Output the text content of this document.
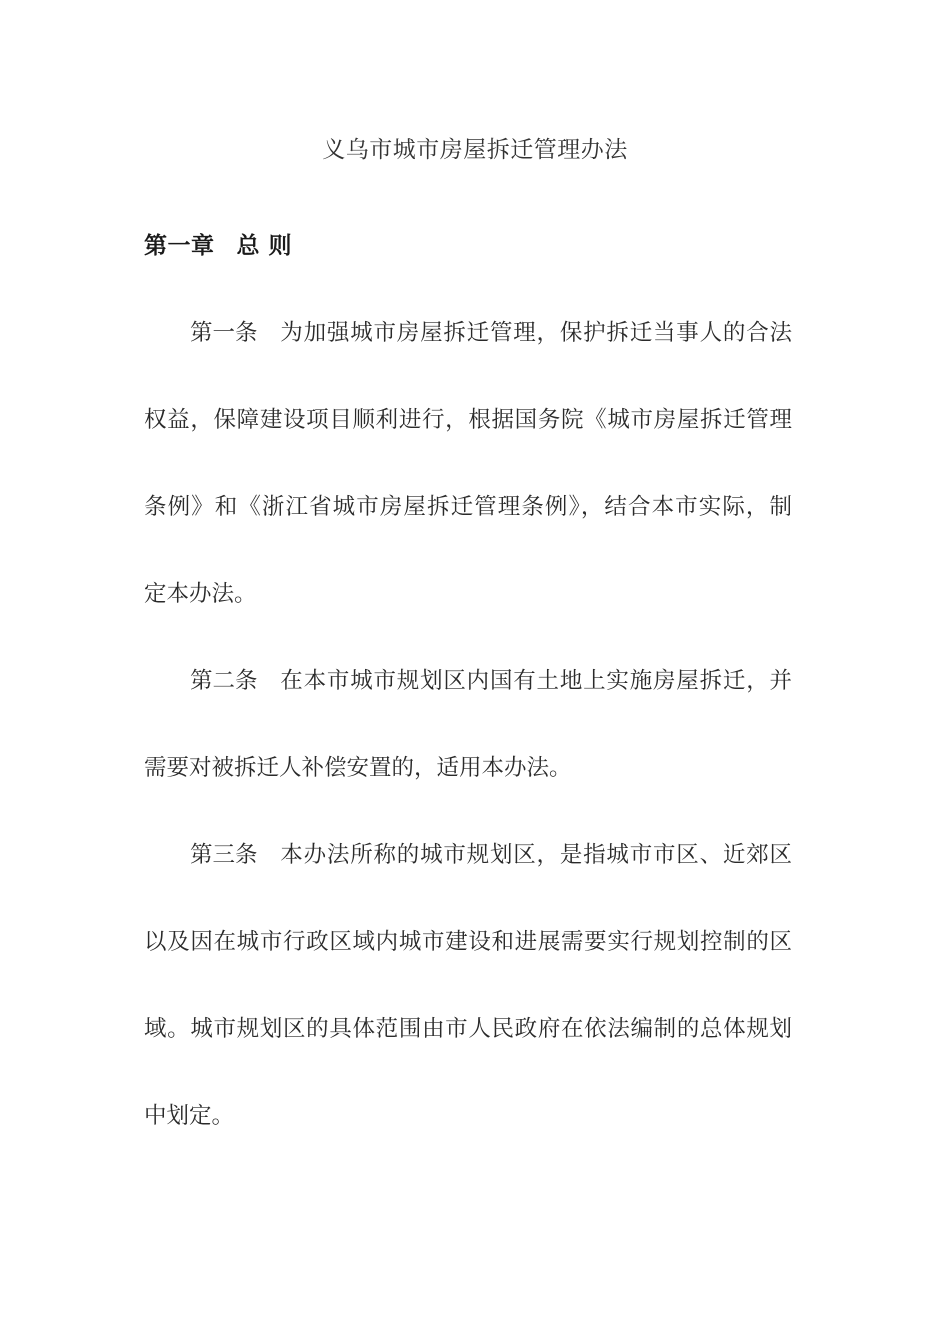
义乌市城市房屋拆迁管理办法
第一章 总 则
第一条 为加强城市房屋拆迁管理，保护拆迁当事人的合法
权益，保障建设项目顺利进行，根据国务院《城市房屋拆迁管理
条例》和《浙江省城市房屋拆迁管理条例》，结合本市实际，制
定本办法。
第二条 在本市城市规划区内国有土地上实施房屋拆迁，并
需要对被拆迁人补偿安置的，适用本办法。
第三条 本办法所称的城市规划区，是指城市市区、近郊区
以及因在城市行政区域内城市建设和进展需要实行规划控制的区
域。城市规划区的具体范围由市人民政府在依法编制的总体规划
中划定。
